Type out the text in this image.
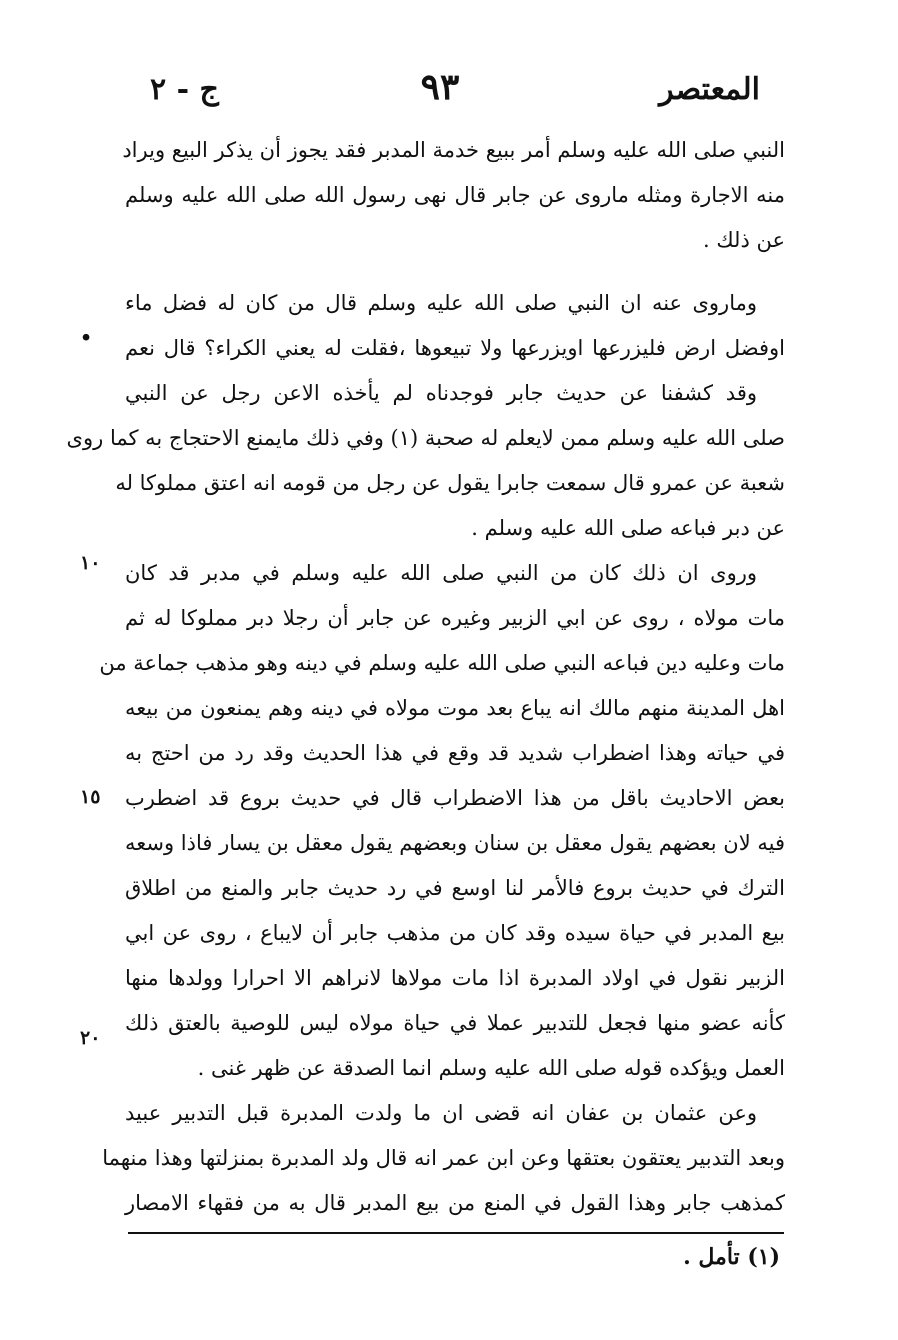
المعتصر
٩٣
ج - ٢
النبي صلى الله عليه وسلم أمر ببيع خدمة المدبر فقد يجوز أن يذكر البيع ويراد
منه الاجارة ومثله ماروى عن جابر قال نهى رسول الله صلى الله عليه وسلم
عن ذلك .
وماروى عنه ان النبي صلى الله عليه وسلم قال من كان له فضل ماء
اوفضل ارض فليزرعها اويزرعها ولا تبيعوها ،فقلت له يعني الكراء؟ قال نعم
وقد كشفنا عن حديث جابر فوجدناه لم يأخذه الاعن رجل عن النبي
صلى الله عليه وسلم ممن لايعلم له صحبة (١) وفي ذلك مايمنع الاحتجاج به كما روى
شعبة عن عمرو قال سمعت جابرا يقول عن رجل من قومه انه اعتق مملوكا له
عن دبر فباعه صلى الله عليه وسلم .
وروى ان ذلك كان من النبي صلى الله عليه وسلم في مدبر قد كان
مات مولاه ، روى عن ابي الزبير وغيره عن جابر أن رجلا دبر مملوكا له ثم
مات وعليه دين فباعه النبي صلى الله عليه وسلم في دينه وهو مذهب جماعة من
اهل المدينة منهم مالك انه يباع بعد موت مولاه في دينه وهم يمنعون من بيعه
في حياته وهذا اضطراب شديد قد وقع في هذا الحديث وقد رد من احتج به
بعض الاحاديث باقل من هذا الاضطراب قال في حديث بروع قد اضطرب
فيه لان بعضهم يقول معقل بن سنان وبعضهم يقول معقل بن يسار فاذا وسعه
الترك في حديث بروع فالأمر لنا اوسع في رد حديث جابر والمنع من اطلاق
بيع المدبر في حياة سيده وقد كان من مذهب جابر أن لايباع ، روى عن ابي
الزبير نقول في اولاد المدبرة اذا مات مولاها لانراهم الا احرارا وولدها منها
كأنه عضو منها فجعل للتدبير عملا في حياة مولاه ليس للوصية بالعتق ذلك
العمل ويؤكده قوله صلى الله عليه وسلم انما الصدقة عن ظهر غنى .
وعن عثمان بن عفان انه قضى ان ما ولدت المدبرة قبل التدبير عبيد
وبعد التدبير يعتقون بعتقها وعن ابن عمر انه قال ولد المدبرة بمنزلتها وهذا منهما
كمذهب جابر وهذا القول في المنع من بيع المدبر قال به من فقهاء الامصار
•
١٠
١٥
٢٠
(١) تأمل .
